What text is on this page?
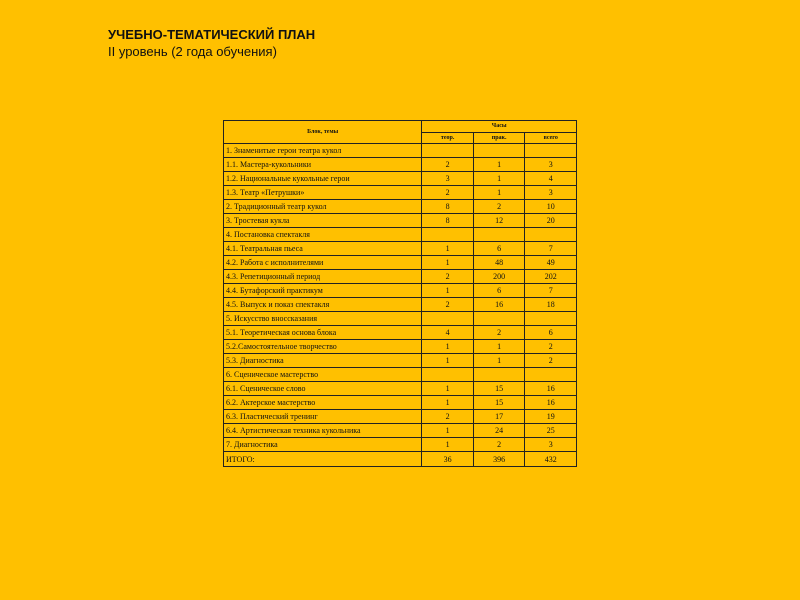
УЧЕБНО-ТЕМАТИЧЕСКИЙ ПЛАН
II уровень (2 года обучения)
Блок, темы	Часы		
	теор.	прак.	всего
1. Знаменитые герои театра кукол			
1.1. Мастера-кукольники	2	1	3
1.2. Национальные кукольные герои	3	1	4
1.3. Театр «Петрушки»	2	1	3
2. Традиционный театр кукол	8	2	10
3. Тростевая кукла	8	12	20
4. Постановка спектакля			
4.1. Театральная пьеса	1	6	7
4.2. Работа с исполнителями	1	48	49
4.3. Репетиционный период	2	200	202
4.4. Бутафорский практикум	1	6	7
4.5. Выпуск и показ спектакля	2	16	18
5. Искусство вноссказания			
5.1. Теоретическая основа блока	4	2	6
5.2.Самостоятельное творчество	1	1	2
5.3. Диагностика	1	1	2
6. Сценическое мастерство			
6.1. Сценическое слово	1	15	16
6.2. Актерское мастерство	1	15	16
6.3. Пластический тренинг	2	17	19
6.4. Артистическая техника кукольника	1	24	25
7. Диагностика	1	2	3
ИТОГО:	36	396	432
